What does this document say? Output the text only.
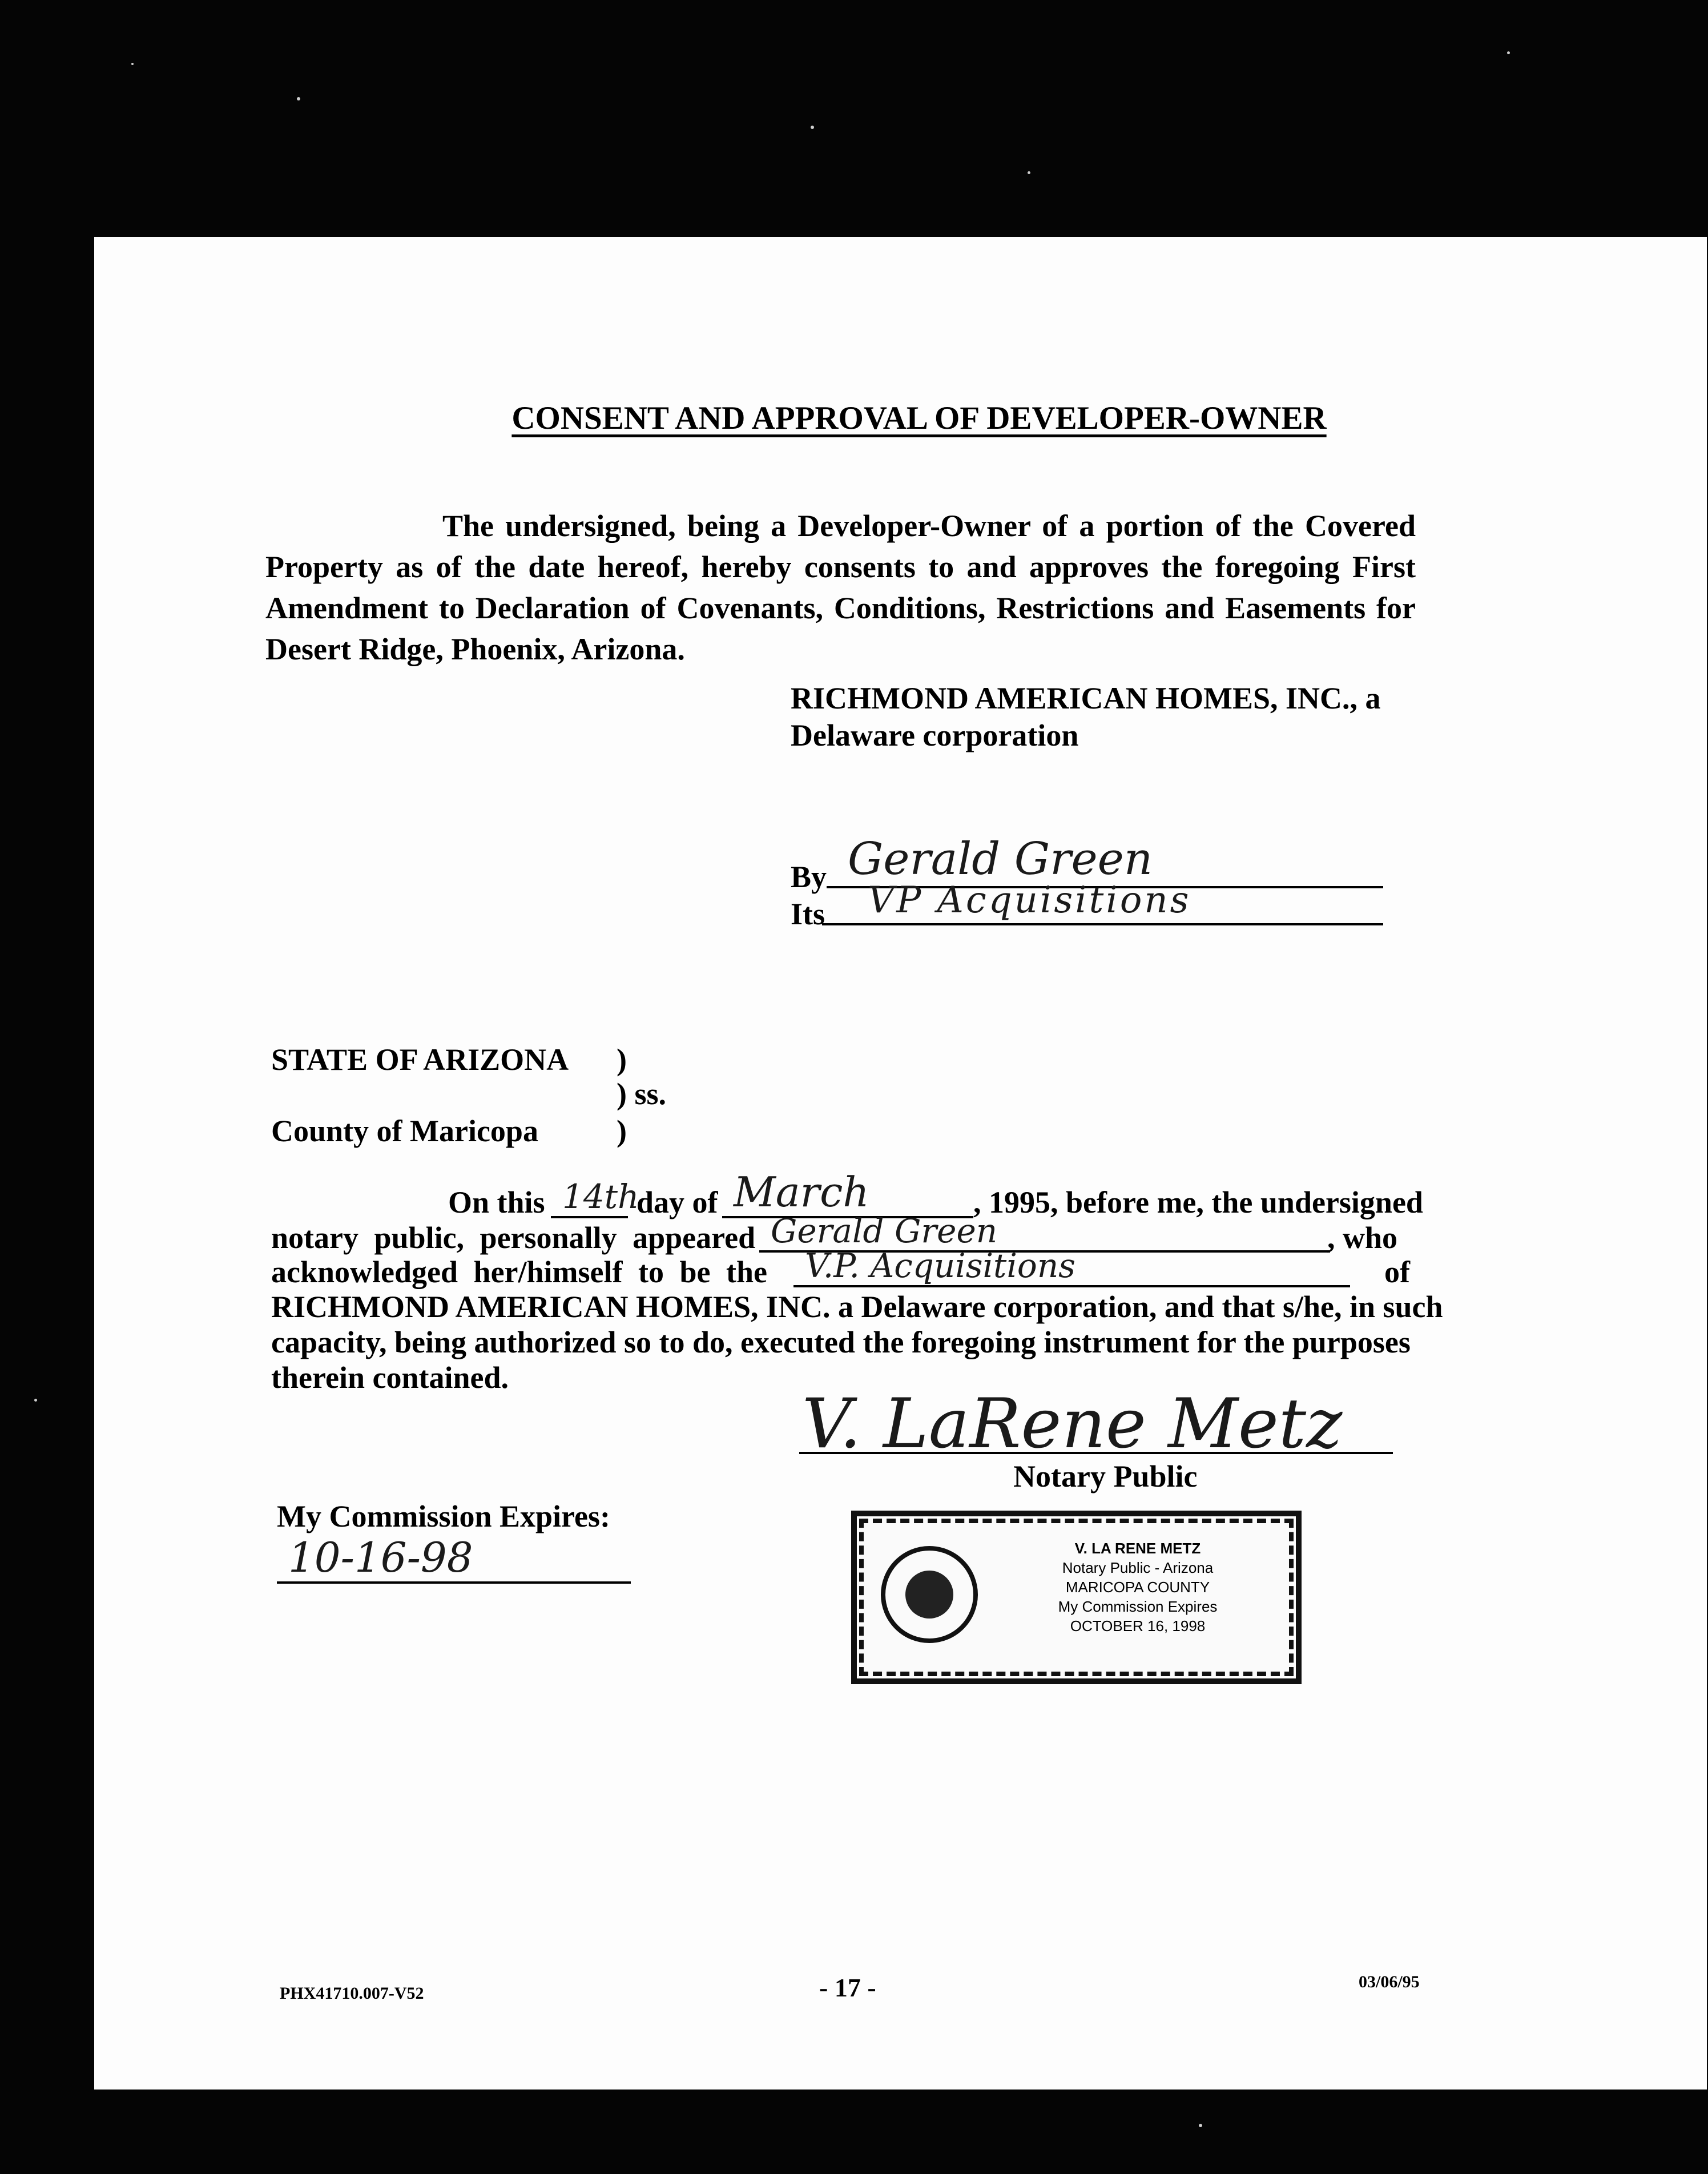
CONSENT AND APPROVAL OF DEVELOPER-OWNER

The undersigned, being a Developer-Owner of a portion of the Covered Property as of the date hereof, hereby consents to and approves the foregoing First Amendment to Declaration of Covenants, Conditions, Restrictions and Easements for Desert Ridge, Phoenix, Arizona.

RICHMOND AMERICAN HOMES, INC., a
Delaware corporation
By Gerald Green
Its VP Acquisitions
STATE OF ARIZONA )
) ss.
County of Maricopa	)
On this 14th
day of March	, 1995, before me, the undersigned
notary public, personally appeared Gerald Green	, who
acknowledged her/himself to be the V.P. Acquisitions	of
RICHMOND AMERICAN HOMES, INC. a Delaware corporation, and that s/he, in such
capacity, being authorized so to do, executed the foregoing instrument for the purposes
therein contained.
V. LaRene Metz
Notary Public
My Commission Expires:
10-16-98	V. LA RENE METZ
Notary Public - Arizona
MARICOPA COUNTY
My Commission Expires
OCTOBER 16, 1998
PHX41710.007-V52	- 17 -	03/06/95
